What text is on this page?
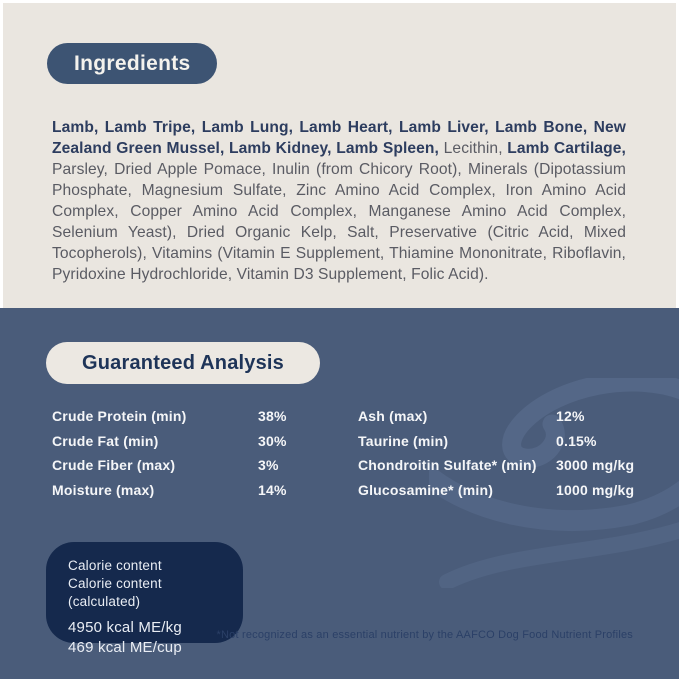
Ingredients

Lamb, Lamb Tripe, Lamb Lung, Lamb Heart, Lamb Liver, Lamb Bone, New Zealand Green Mussel, Lamb Kidney, Lamb Spleen, Lecithin, Lamb Cartilage, Parsley, Dried Apple Pomace, Inulin (from Chicory Root), Minerals (Dipotassium Phosphate, Magnesium Sulfate, Zinc Amino Acid Complex, Iron Amino Acid Complex, Copper Amino Acid Complex, Manganese Amino Acid Complex, Selenium Yeast), Dried Organic Kelp, Salt, Preservative (Citric Acid, Mixed Tocopherols), Vitamins (Vitamin E Supplement, Thiamine Mononitrate, Riboflavin, Pyridoxine Hydrochloride, Vitamin D3 Supplement, Folic Acid).

Guaranteed Analysis
Crude Protein (min)	38%
Crude Fat (min)	30%
Crude Fiber (max)	3%
Moisture (max)	14%
Ash (max)	12%
Taurine (min)	0.15%
Chondroitin Sulfate* (min) 3000 mg/kg
Glucosamine* (min)	1000 mg/kg
Calorie content
Calorie content (calculated)
4950 kcal ME/kg
469 kcal ME/cup
*Not recognized as an essential nutrient by the AAFCO Dog Food Nutrient Profiles
